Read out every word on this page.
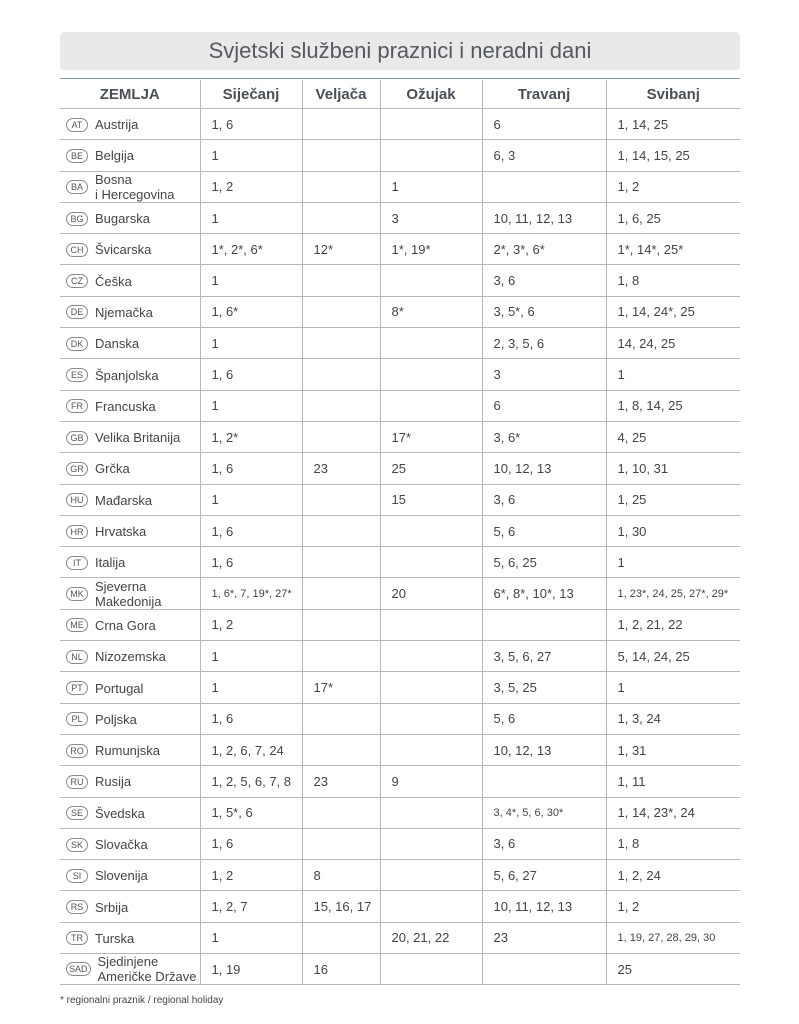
Svjetski službeni praznici i neradni dani
ZEMLJA	Siječanj	Veljača	Ožujak	Travanj	Svibanj
AT Austrija	1, 6			6	1, 14, 25
BE Belgija	1			6, 3	1, 14, 15, 25
BA Bosna
i Hercegovina	1, 2		1		1, 2
BG Bugarska	1		3	10, 11, 12, 13	1, 6, 25
CH Švicarska	1*, 2*, 6*	12*	1*, 19*	2*, 3*, 6*	1*, 14*, 25*
CZ Češka	1			3, 6	1, 8
DE Njemačka	1, 6*		8*	3, 5*, 6	1, 14, 24*, 25
DK Danska	1			2, 3, 5, 6	14, 24, 25
ES Španjolska	1, 6			3	1
FR Francuska	1			6	1, 8, 14, 25
GB Velika Britanija	1, 2*		17*	3, 6*	4, 25
GR Grčka	1, 6	23	25	10, 12, 13	1, 10, 31
HU Mađarska	1		15	3, 6	1, 25
HR Hrvatska	1, 6			5, 6	1, 30
IT Italija	1, 6			5, 6, 25	1
MK Sjeverna
Makedonija	1, 6*, 7, 19*, 27*		20	6*, 8*, 10*, 13	1, 23*, 24, 25, 27*, 29*
ME Crna Gora	1, 2				1, 2, 21, 22
NL Nizozemska	1			3, 5, 6, 27	5, 14, 24, 25
PT Portugal	1	17*		3, 5, 25	1
PL Poljska	1, 6			5, 6	1, 3, 24
RO Rumunjska	1, 2, 6, 7, 24			10, 12, 13	1, 31
RU Rusija	1, 2, 5, 6, 7, 8	23	9		1, 11
SE Švedska	1, 5*, 6			3, 4*, 5, 6, 30*	1, 14, 23*, 24
SK Slovačka	1, 6			3, 6	1, 8
SI Slovenija	1, 2	8		5, 6, 27	1, 2, 24
RS Srbija	1, 2, 7	15, 16, 17		10, 11, 12, 13	1, 2
TR Turska	1		20, 21, 22	23	1, 19, 27, 28, 29, 30
SAD Sjedinjene
Američke Države	1, 19	16			25
* regionalni praznik / regional holiday
